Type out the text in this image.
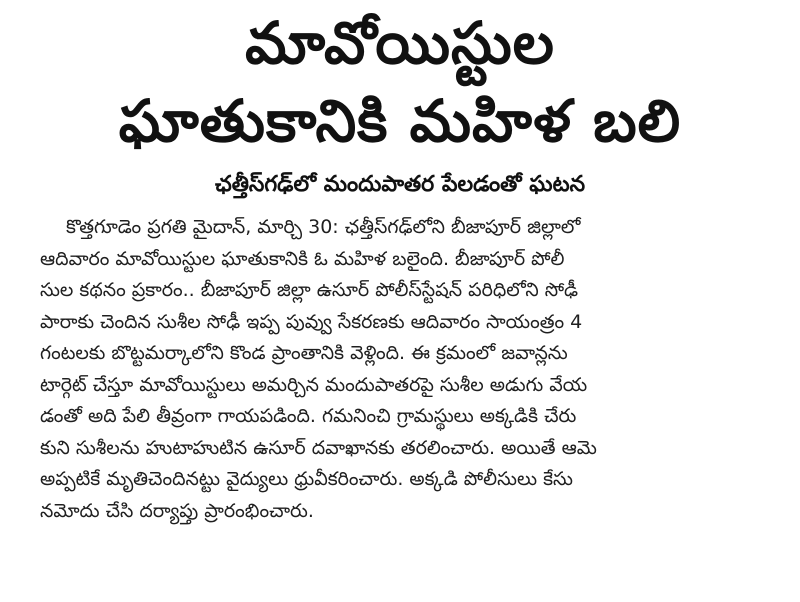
మావోయిస్టుల
ఘాతుకానికి మహిళ బలి
ఛత్తీస్‌గఢ్‌లో మందుపాతర పేలడంతో ఘటన

కొత్తగూడెం ప్రగతి మైదాన్, మార్చి 30: ఛత్తీస్‌గఢ్‌లోని బీజాపూర్ జిల్లాలో
ఆదివారం మావోయిస్టుల ఘాతుకానికి ఓ మహిళ బలైంది. బీజాపూర్ పోలీ
సుల కథనం ప్రకారం.. బీజాపూర్ జిల్లా ఉసూర్ పోలీస్‌స్టేషన్ పరిధిలోని సోఢీ
పారాకు చెందిన సుశీల సోఢీ ఇప్ప పువ్వు సేకరణకు ఆదివారం సాయంత్రం 4
గంటలకు బొట్టమర్కాలోని కొండ ప్రాంతానికి వెళ్లింది. ఈ క్రమంలో జవాన్లను
టార్గెట్ చేస్తూ మావోయిస్టులు అమర్చిన మందుపాతరపై సుశీల అడుగు వేయ
డంతో అది పేలి తీవ్రంగా గాయపడింది. గమనించి గ్రామస్థులు అక్కడికి చేరు
కుని సుశీలను హుటాహుటిన ఉసూర్ దవాఖానకు తరలించారు. అయితే ఆమె
అప్పటికే మృతిచెందినట్టు వైద్యులు ధ్రువీకరించారు. అక్కడి పోలీసులు కేసు
నమోదు చేసి దర్యాప్తు ప్రారంభించారు.
